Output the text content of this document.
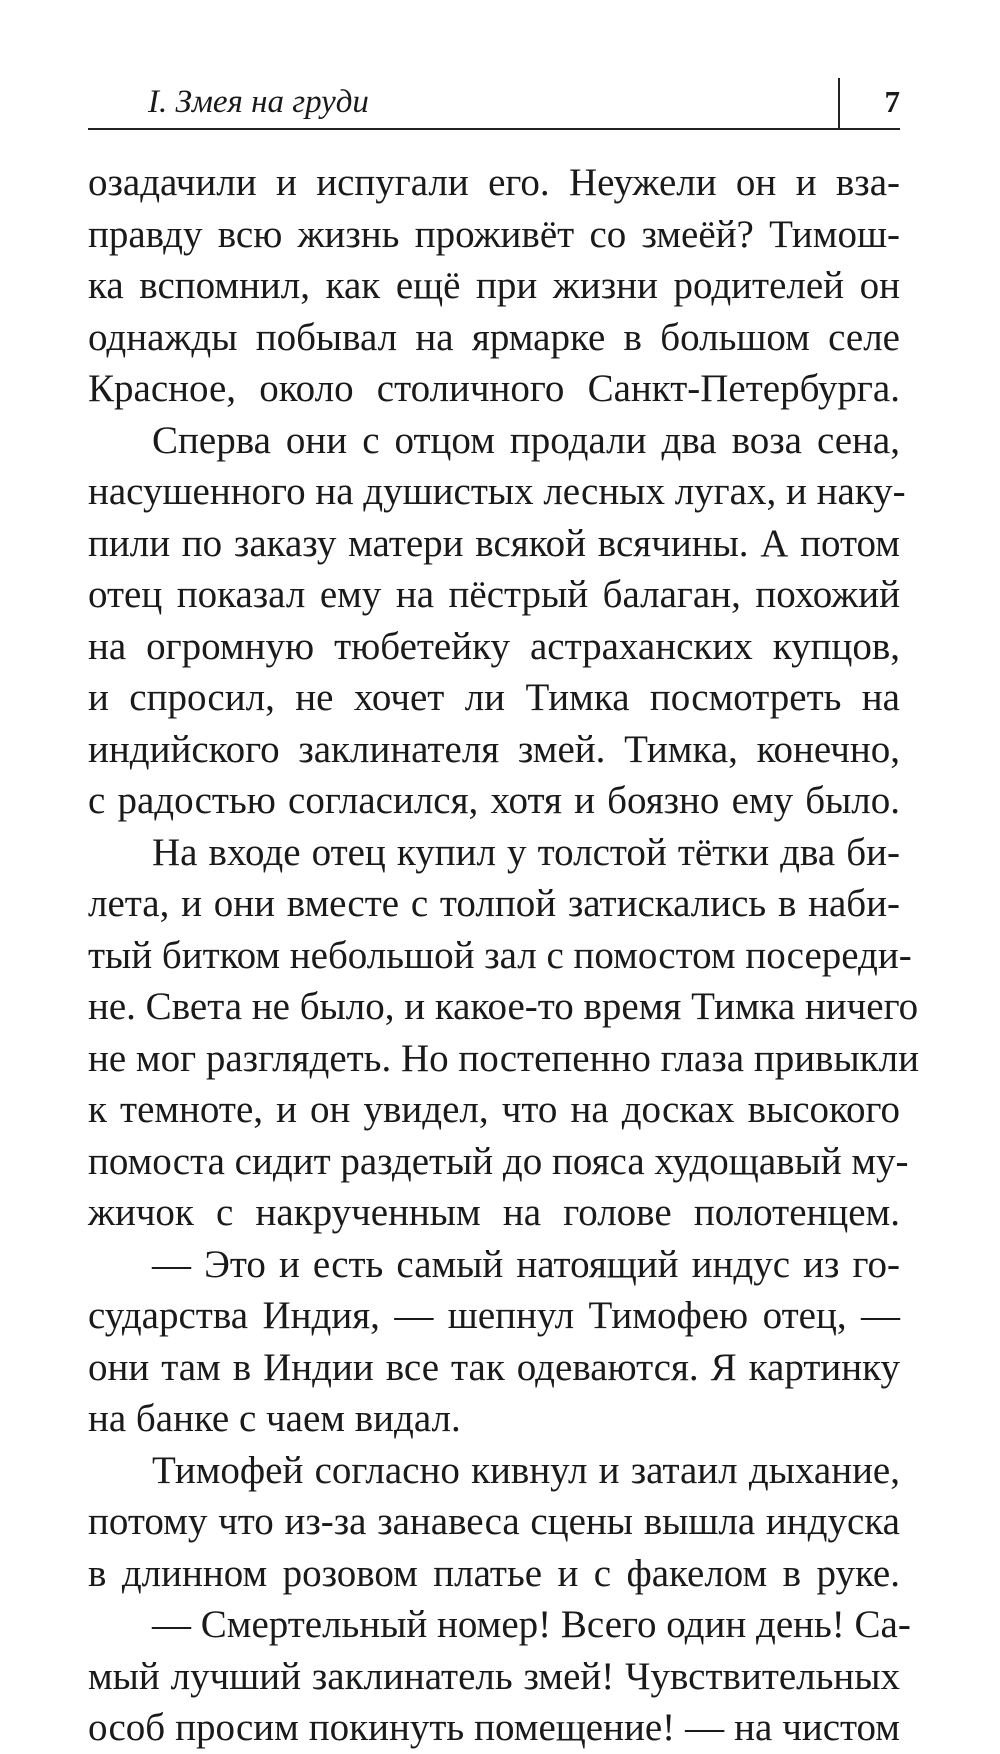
I. Змея на груди	7
озадачили и испугали его. Неужели он и вза-
правду всю жизнь проживёт со змеёй? Тимош-
ка вспомнил, как ещё при жизни родителей он
однажды побывал на ярмарке в большом селе
Красное, около столичного Санкт-Петербурга.
Сперва они с отцом продали два воза сена,
насушенного на душистых лесных лугах, и наку-
пили по заказу матери всякой всячины. А потом
отец показал ему на пёстрый балаган, похожий
на огромную тюбетейку астраханских купцов,
и спросил, не хочет ли Тимка посмотреть на
индийского заклинателя змей. Тимка, конечно,
с радостью согласился, хотя и боязно ему было.
На входе отец купил у толстой тётки два би-
лета, и они вместе с толпой затискались в наби-
тый битком небольшой зал с помостом посереди-
не. Света не было, и какое-то время Тимка ничего
не мог разглядеть. Но постепенно глаза привыкли
к темноте, и он увидел, что на досках высокого
помоста сидит раздетый до пояса худощавый му-
жичок с накрученным на голове полотенцем.
— Это и есть самый натоящий индус из го-
сударства Индия, — шепнул Тимофею отец, —
они там в Индии все так одеваются. Я картинку
на банке с чаем видал.
Тимофей согласно кивнул и затаил дыхание,
потому что из-за занавеса сцены вышла индуска
в длинном розовом платье и с факелом в руке.
— Смертельный номер! Всего один день! Са-
мый лучший заклинатель змей! Чувствительных
особ просим покинуть помещение! — на чистом
